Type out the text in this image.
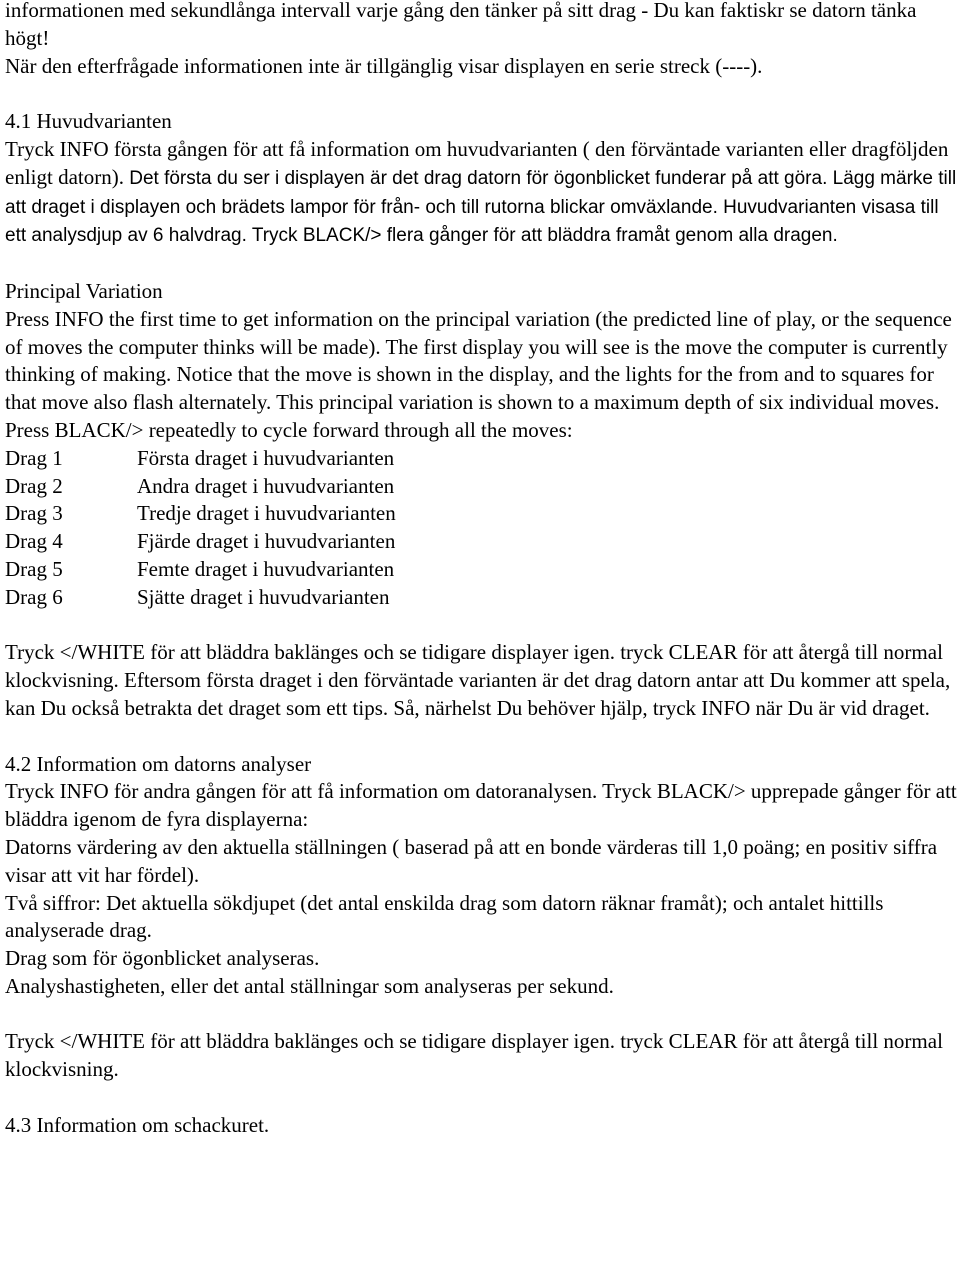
informationen med sekundlånga intervall varje gång den tänker på sitt drag - Du kan faktiskr se datorn tänka högt!

När den efterfrågade informationen inte är tillgänglig visar displayen en serie streck (----).

4.1 Huvudvarianten

Tryck INFO första gången för att få information om huvudvarianten ( den förväntade varianten eller dragföljden enligt datorn). Det första du ser i displayen är det drag datorn för ögonblicket funderar på att göra. Lägg märke till att draget i displayen och brädets lampor för från- och till rutorna blickar omväxlande. Huvudvarianten visasa till ett analysdjup av 6 halvdrag. Tryck BLACK/> flera gånger för att bläddra framåt genom alla dragen.

Principal Variation

Press INFO the first time to get information on the principal variation (the predicted line of play, or the sequence of moves the computer thinks will be made). The first display you will see is the move the computer is currently thinking of making. Notice that the move is shown in the display, and the lights for the from and to squares for that move also flash alternately. This principal variation is shown to a maximum depth of six individual moves. Press BLACK/> repeatedly to cycle forward through all the moves:

Drag 1	Första draget i huvudvarianten
Drag 2	Andra draget i huvudvarianten
Drag 3	Tredje draget i huvudvarianten
Drag 4	Fjärde draget i huvudvarianten
Drag 5	Femte draget i huvudvarianten
Drag 6	Sjätte draget i huvudvarianten

Tryck </WHITE för att bläddra baklänges och se tidigare displayer igen. tryck CLEAR för att återgå till normal klockvisning. Eftersom första draget i den förväntade varianten är det drag datorn antar att Du kommer att spela, kan Du också betrakta det draget som ett tips. Så, närhelst Du behöver hjälp, tryck INFO när Du är vid draget.

4.2 Information om datorns analyser

Tryck INFO för andra gången för att få information om datoranalysen. Tryck BLACK/> upprepade gånger för att bläddra igenom de fyra displayerna:

Datorns värdering av den aktuella ställningen ( baserad på att en bonde värderas till 1,0 poäng; en positiv siffra visar att vit har fördel).

Två siffror: Det aktuella sökdjupet (det antal enskilda drag som datorn räknar framåt); och antalet hittills analyserade drag.

Drag som för ögonblicket analyseras.

Analyshastigheten, eller det antal ställningar som analyseras per sekund.

Tryck </WHITE för att bläddra baklänges och se tidigare displayer igen. tryck CLEAR för att återgå till normal klockvisning.

4.3 Information om schackuret.
